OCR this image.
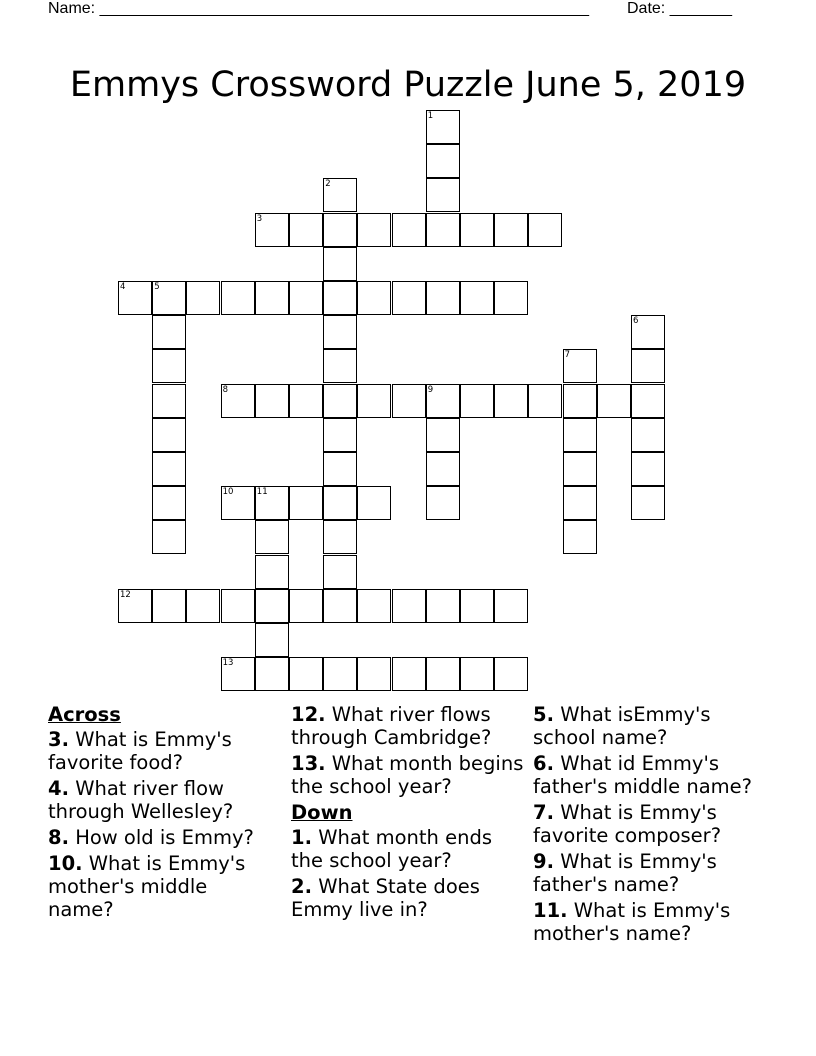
Name: _______________________________________________________ Date: _______
Emmys Crossword Puzzle June 5, 2019
1
2
3
4	5
6
7
8	9
10	11
12
13
Across
3. What is Emmy's favorite food?
4. What river flow through Wellesley?
8. How old is Emmy?
10. What is Emmy's mother's middle name?
12. What river flows through Cambridge?
13. What month begins the school year?
Down
1. What month ends the school year?
2. What State does Emmy live in?
5. What isEmmy's school name?
6. What id Emmy's father's middle name?
7. What is Emmy's favorite composer?
9. What is Emmy's father's name?
11. What is Emmy's mother's name?
